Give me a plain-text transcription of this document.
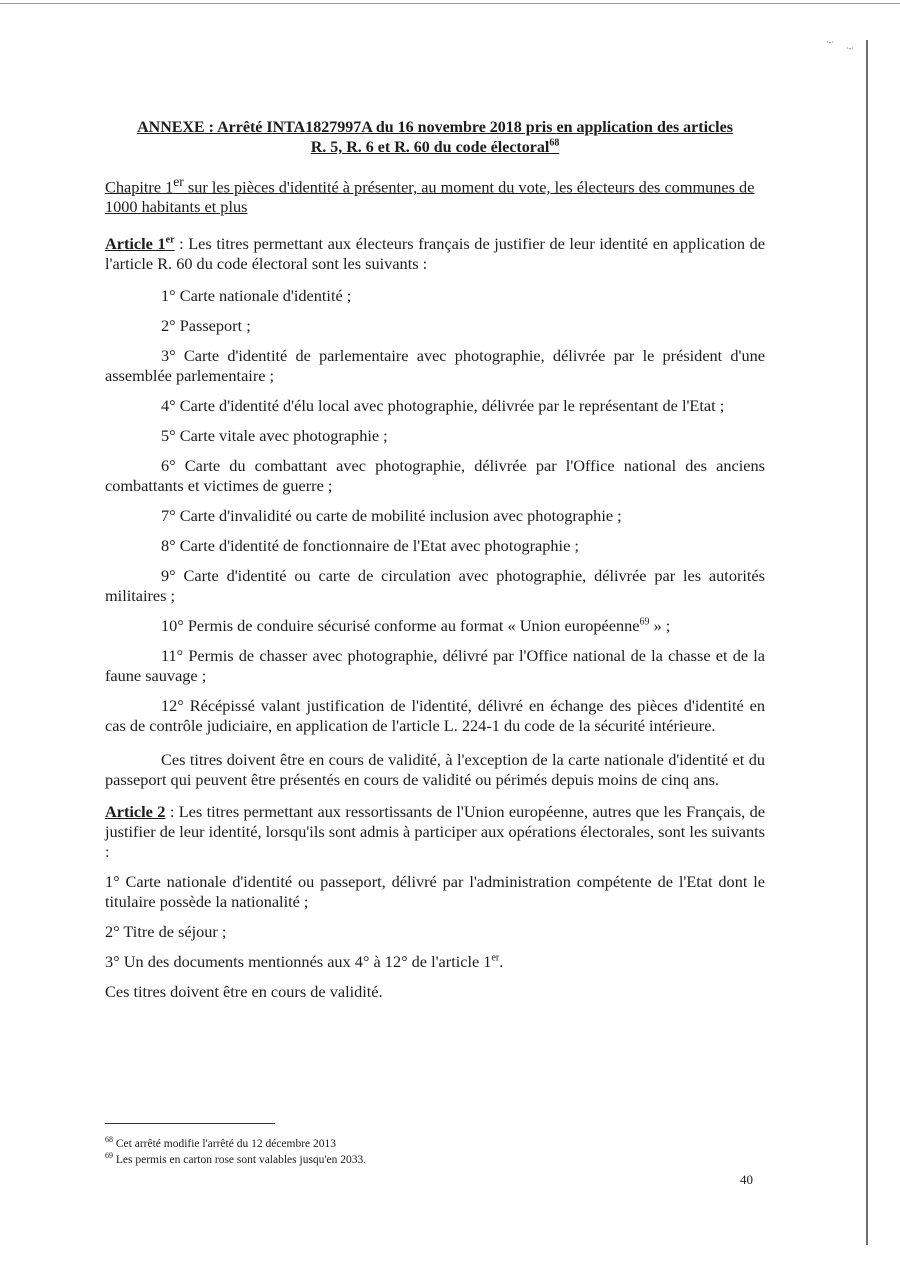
·-·
·-·

ANNEXE : Arrêté INTA1827997A du 16 novembre 2018 pris en application des articles
R. 5, R. 6 et R. 60 du code électoral$^{68}$

Chapitre 1er sur les pièces d'identité à présenter, au moment du vote, les électeurs des communes de 1000 habitants et plus

Article 1er : Les titres permettant aux électeurs français de justifier de leur identité en application de l'article R. 60 du code électoral sont les suivants :

1° Carte nationale d'identité ;

2° Passeport ;

3° Carte d'identité de parlementaire avec photographie, délivrée par le président d'une assemblée parlementaire ;

4° Carte d'identité d'élu local avec photographie, délivrée par le représentant de l'Etat ;

5° Carte vitale avec photographie ;

6° Carte du combattant avec photographie, délivrée par l'Office national des anciens combattants et victimes de guerre ;

7° Carte d'invalidité ou carte de mobilité inclusion avec photographie ;

8° Carte d'identité de fonctionnaire de l'Etat avec photographie ;

9° Carte d'identité ou carte de circulation avec photographie, délivrée par les autorités militaires ;

10° Permis de conduire sécurisé conforme au format « Union européenne$^{69}$ » ;

11° Permis de chasser avec photographie, délivré par l'Office national de la chasse et de la faune sauvage ;

12° Récépissé valant justification de l'identité, délivré en échange des pièces d'identité en cas de contrôle judiciaire, en application de l'article L. 224-1 du code de la sécurité intérieure.

Ces titres doivent être en cours de validité, à l'exception de la carte nationale d'identité et du passeport qui peuvent être présentés en cours de validité ou périmés depuis moins de cinq ans.

Article 2 : Les titres permettant aux ressortissants de l'Union européenne, autres que les Français, de justifier de leur identité, lorsqu'ils sont admis à participer aux opérations électorales, sont les suivants :

1° Carte nationale d'identité ou passeport, délivré par l'administration compétente de l'Etat dont le titulaire possède la nationalité ;

2° Titre de séjour ;

3° Un des documents mentionnés aux 4° à 12° de l'article 1er.

Ces titres doivent être en cours de validité.

$^{68}$ Cet arrêté modifie l'arrêté du 12 décembre 2013
$^{69}$ Les permis en carton rose sont valables jusqu'en 2033.
40
